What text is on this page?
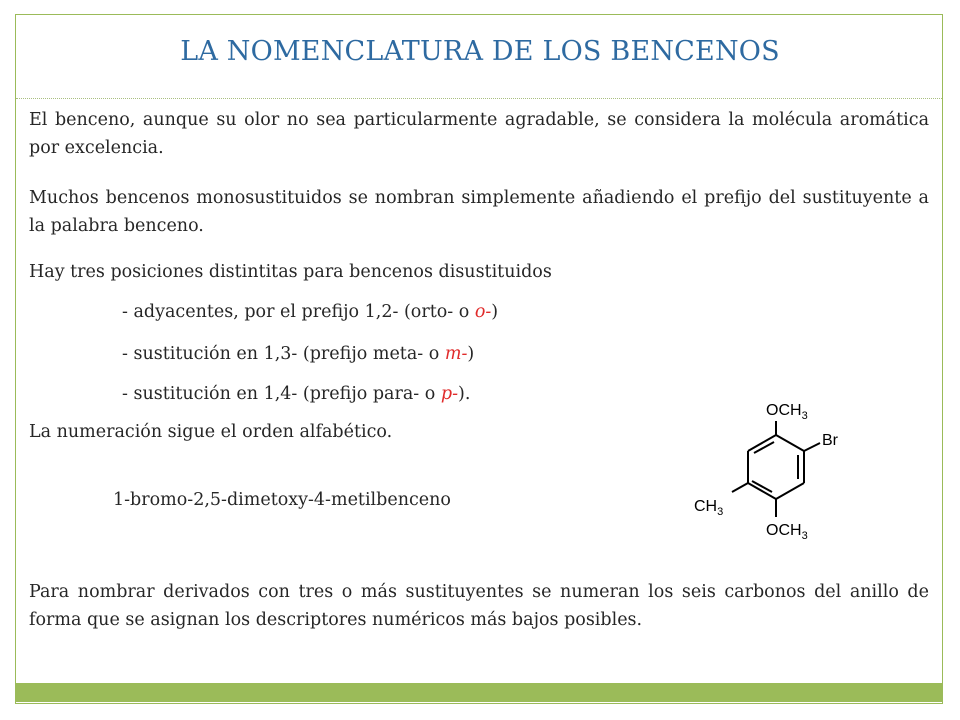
LA NOMENCLATURA DE LOS BENCENOS

El benceno, aunque su olor no sea particularmente agradable, se considera la molécula aromática por excelencia.

Muchos bencenos monosustituidos se nombran simplemente añadiendo el prefijo del sustituyente a la palabra benceno.

Hay tres posiciones distintitas para bencenos disustituidos

- adyacentes, por el prefijo 1,2- (orto- o o-)

- sustitución en 1,3- (prefijo meta- o m-)

- sustitución en 1,4- (prefijo para- o p-).

La numeración sigue el orden alfabético.

1-bromo-2,5-dimetoxy-4-metilbenceno

$OCH_3$
Br
$CH_3$
$OCH_3$

Para nombrar derivados con tres o más sustituyentes se numeran los seis carbonos del anillo de forma que se asignan los descriptores numéricos más bajos posibles.
